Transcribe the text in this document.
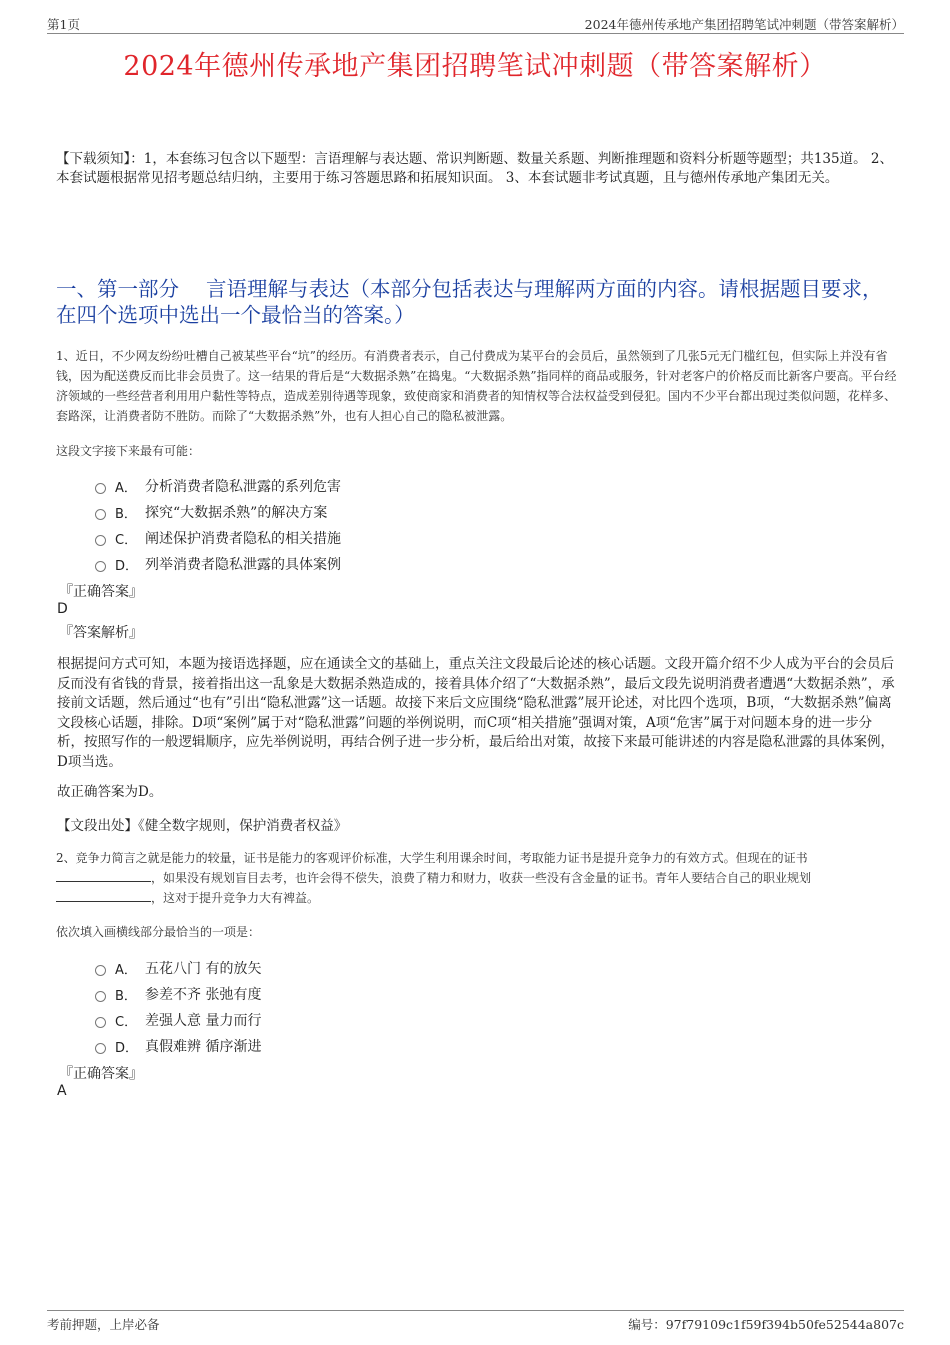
第1页	2024年德州传承地产集团招聘笔试冲刺题（带答案解析）
2024年德州传承地产集团招聘笔试冲刺题（带答案解析）
【下载须知】：1，本套练习包含以下题型：言语理解与表达题、常识判断题、数量关系题、判断推理题和资料分析题等题型；共135道。 2、本套试题根据常见招考题总结归纳，主要用于练习答题思路和拓展知识面。 3、本套试题非考试真题，且与德州传承地产集团无关。
一、第一部分　 言语理解与表达（本部分包括表达与理解两方面的内容。请根据题目要求，在四个选项中选出一个最恰当的答案。）
1、近日，不少网友纷纷吐槽自己被某些平台“坑”的经历。有消费者表示，自己付费成为某平台的会员后，虽然领到了几张5元无门槛红包，但实际上并没有省钱，因为配送费反而比非会员贵了。这一结果的背后是“大数据杀熟”在捣鬼。“大数据杀熟”指同样的商品或服务，针对老客户的价格反而比新客户要高。平台经济领域的一些经营者利用用户黏性等特点，造成差别待遇等现象，致使商家和消费者的知情权等合法权益受到侵犯。国内不少平台都出现过类似问题，花样多、套路深，让消费者防不胜防。而除了“大数据杀熟”外，也有人担心自己的隐私被泄露。
这段文字接下来最有可能：
A． 分析消费者隐私泄露的系列危害
B． 探究“大数据杀熟”的解决方案
C． 阐述保护消费者隐私的相关措施
D． 列举消费者隐私泄露的具体案例
『正确答案』
D
『答案解析』
根据提问方式可知，本题为接语选择题，应在通读全文的基础上，重点关注文段最后论述的核心话题。文段开篇介绍不少人成为平台的会员后反而没有省钱的背景，接着指出这一乱象是大数据杀熟造成的，接着具体介绍了“大数据杀熟”，最后文段先说明消费者遭遇“大数据杀熟”，承接前文话题，然后通过“也有”引出“隐私泄露”这一话题。故接下来后文应围绕“隐私泄露”展开论述，对比四个选项，B项，“大数据杀熟”偏离文段核心话题，排除。D项“案例”属于对“隐私泄露”问题的举例说明，而C项“相关措施”强调对策，A项“危害”属于对问题本身的进一步分析，按照写作的一般逻辑顺序，应先举例说明，再结合例子进一步分析，最后给出对策，故接下来最可能讲述的内容是隐私泄露的具体案例，D项当选。
故正确答案为D。
【文段出处】《健全数字规则，保护消费者权益》
2、竞争力简言之就是能力的较量，证书是能力的客观评价标准，大学生利用课余时间，考取能力证书是提升竞争力的有效方式。但现在的证书，如果没有规划盲目去考，也许会得不偿失，浪费了精力和财力，收获一些没有含金量的证书。青年人要结合自己的职业规划，这对于提升竞争力大有裨益。
依次填入画横线部分最恰当的一项是：
A． 五花八门 有的放矢
B． 参差不齐 张弛有度
C． 差强人意 量力而行
D． 真假难辨 循序渐进
『正确答案』
A
考前押题，上岸必备	编号：97f79109c1f59f394b50fe52544a807c
